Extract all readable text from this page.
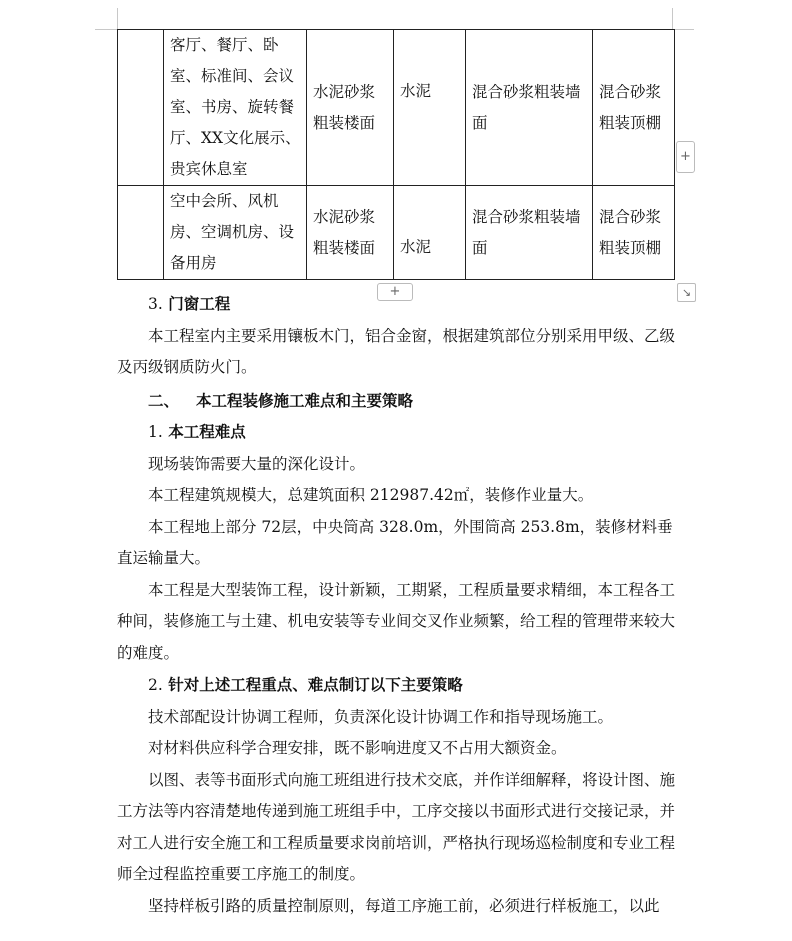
	客厅、餐厅、卧室、标准间、会议室、书房、旋转餐厅、XX文化展示、贵宾休息室	水泥砂浆粗装楼面	水泥	混合砂浆粗装墙面	混合砂浆粗装顶棚
	空中会所、风机房、空调机房、设备用房	水泥砂浆粗装楼面	水泥	混合砂浆粗装墙面	混合砂浆粗装顶棚
+
+	↘

3. 门窗工程

本工程室内主要采用镶板木门，铝合金窗，根据建筑部位分别采用甲级、乙级及丙级钢质防火门。

二、 本工程装修施工难点和主要策略

1. 本工程难点

现场装饰需要大量的深化设计。

本工程建筑规模大，总建筑面积 212987.42㎡，装修作业量大。

本工程地上部分 72层，中央筒高 328.0m，外围筒高 253.8m，装修材料垂直运输量大。

本工程是大型装饰工程，设计新颖，工期紧，工程质量要求精细，本工程各工种间，装修施工与土建、机电安装等专业间交叉作业频繁，给工程的管理带来较大的难度。

2. 针对上述工程重点、难点制订以下主要策略

技术部配设计协调工程师，负责深化设计协调工作和指导现场施工。

对材料供应科学合理安排，既不影响进度又不占用大额资金。

以图、表等书面形式向施工班组进行技术交底，并作详细解释，将设计图、施工方法等内容清楚地传递到施工班组手中，工序交接以书面形式进行交接记录，并对工人进行安全施工和工程质量要求岗前培训，严格执行现场巡检制度和专业工程师全过程监控重要工序施工的制度。

坚持样板引路的质量控制原则，每道工序施工前，必须进行样板施工，以此
